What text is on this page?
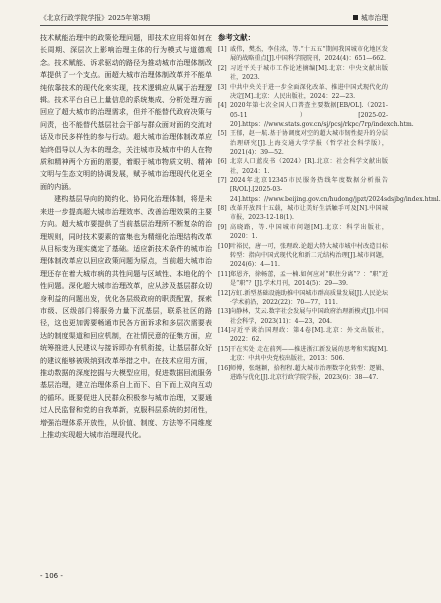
《北京行政学院学报》2025年第3期	城市治理

技术赋能治理中的政策伦理问题，即技术应用将如何在长周期、深层次上影响治理主体的行为模式与道德观念。技术赋能、诉求驱动的路径为推动城市治理体制改革提供了一个支点。面超大城市治理体制改革并不能单纯依靠技术的现代化来实现，技术逻辑应从属于治理逻辑。技术平台自已上量信息的系统集成、分析处理方面回应了超大城市的治理需求，但并不能替代政府决策与问责，也不能替代基层社会干部与群众面对面的交流对话及市民多样性的参与行动。超大城市治理体制改革应始终倡导以人为本的理念，关注城市及城市中的人在物质和精神两个方面的需要，着眼于城市物质文明、精神文明与生态文明的协调发展，赋予城市治理现代化更全面的内涵。

建构基层导向的简约化、协同化治理体制，将是未来进一步提高超大城市治理效率、改善治理效果的主要方向。超大城市要提供了当前基层治理所不断复杂的治理规则，同时技术要素的富集也为精细化治理结构改革从目标变为现实奠定了基础。适应新技术条件的城市治理体制改革应以回应政策问题为原点，当前超大城市治理还存在着大城市病的共性问题与区域性、本地化的个性问题。深化超大城市治理改革，应从涉及基层群众切身利益的问题出发，优化各层级政府的职责配置，探索市级、区级部门将服务力量下沉基层，联系社区的路径，这也更加需要畅通市民各方面诉求和多层次需要表达的制度渠道和回应机制，在社情民意的征集方面，应统筹推进人民建议与接诉即办有机衔接，让基层群众好的建议能够被吸纳到改革举措之中。在技术应用方面，推动数据的深度挖掘与大模型应用，促进数据回流服务基层治理，建立治理体系自上而下、自下而上双向互动的循环。既要促进人民群众积极参与城市治理，又要通过人民监督和党的自我革新，克服科层系统的封闭性，增强治理体系开放性，从价值、制度、方法等不同维度上推动实现超大城市治理现代化。

参考文献：
[1] 戚伟，樊杰，李佳洺，等.“十五五”期间我国城市化地区发展的战略重点[J].中国科学院院刊，2024(4)：651—662.
[2] 习近平关于城市工作论述摘编[M].北京：中央文献出版社，2023.
[3] 中共中央关于进一步全面深化改革、推进中国式现代化的决定[M].北京：人民出版社，2024：22—23.
[4] 2020年第七次全国人口普查主要数据[EB/OL].（2021-05-11）[2025-02-20].https：//www.stats.gov.cn/sj/pcsj/rkpc/7rp/indexch.htm.
[5] 王郁，赵一航.基于协调度对空的超大城市韧性提升的分层治理研究[J].上海交通大学学报（哲学社会科学版），2021(4)：39—52.
[6] 北京人口蓝皮书（2024）[R].北京：社会科学文献出版社，2024：1.
[7] 2024年北京12345市民服务热线年度数据分析报告[R/OL].[2025-03-24].https：//www.beijing.gov.cn/hudong/jpzt/2024sdsjbg/index.html.
[8] 改革开放四十五载，城市让美好生活触手可及[N].中国城市报，2023-12-18(1).
[9] 高晓路，等.中国城市问题[M].北京：科学出版社，2020：1.
[10] 叶裕民，唐一可，张理政.论超大特大城市城中村改造目标转型：指向中国式现代化和新二元结构治理[J].城市问题，2024(6)：4—11.
[11] 郑恩齐，徐畅蕾，孟一楠.如何应对“职住分离”？：“职”近是“职”？[J].学术月刊，2014(5)：29—39.
[12] 方虹.新型基础设施助推中国城市群高质量发展[J].人民论坛·学术前沿，2022(22)：70—77，111.
[13] 向静林，艾云.数字社会发展与中国政府治理新模式[J].中国社会科学，2023(11)：4—23，204.
[14] 习近平谈治国理政：第4卷[M].北京：外文出版社，2022：62.
[15] 干在实处 走在前列——推进浙江新发展的思考和实践[M].北京：中共中央党校出版社，2013：506.
[16] 师傅，张继颖，拾程程.超大城市治理数字化转型：逻辑、进路与优化[J].北京行政学院学报，2023(6)：38—47.
- 106 -
